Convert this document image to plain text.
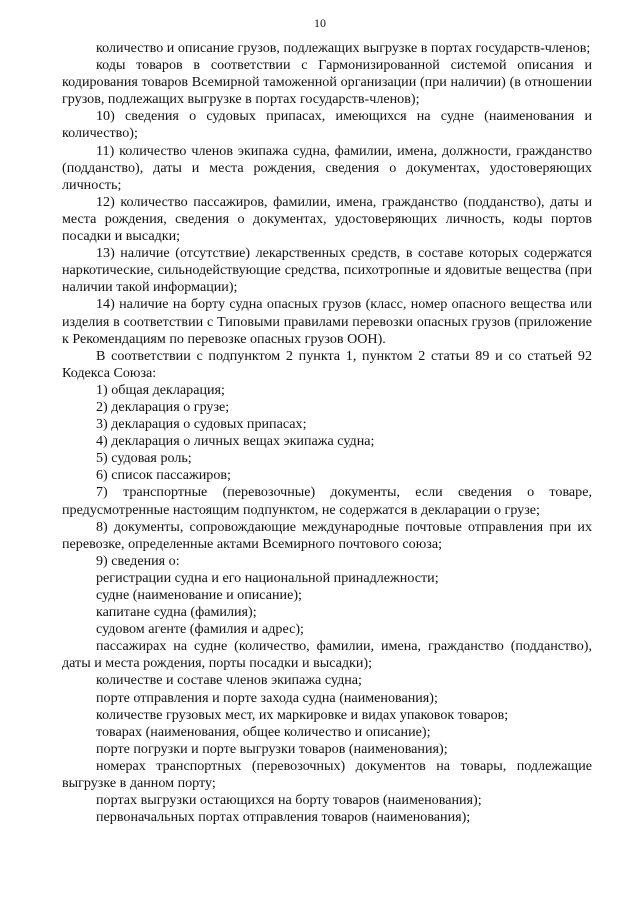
10

количество и описание грузов, подлежащих выгрузке в портах государств-членов;

коды товаров в соответствии с Гармонизированной системой описания и кодирования товаров Всемирной таможенной организации (при наличии) (в отношении грузов, подлежащих выгрузке в портах государств-членов);

10) сведения о судовых припасах, имеющихся на судне (наименования и количество);

11) количество членов экипажа судна, фамилии, имена, должности, гражданство (подданство), даты и места рождения, сведения о документах, удостоверяющих личность;

12) количество пассажиров, фамилии, имена, гражданство (подданство), даты и места рождения, сведения о документах, удостоверяющих личность, коды портов посадки и высадки;

13) наличие (отсутствие) лекарственных средств, в составе которых содержатся наркотические, сильнодействующие средства, психотропные и ядовитые вещества (при наличии такой информации);

14) наличие на борту судна опасных грузов (класс, номер опасного вещества или изделия в соответствии с Типовыми правилами перевозки опасных грузов (приложение к Рекомендациям по перевозке опасных грузов ООН).

В соответствии с подпунктом 2 пункта 1, пунктом 2 статьи 89 и со статьей 92 Кодекса Союза:

1) общая декларация;

2) декларация о грузе;

3) декларация о судовых припасах;

4) декларация о личных вещах экипажа судна;

5) судовая роль;

6) список пассажиров;

7) транспортные (перевозочные) документы, если сведения о товаре, предусмотренные настоящим подпунктом, не содержатся в декларации о грузе;

8) документы, сопровождающие международные почтовые отправления при их перевозке, определенные актами Всемирного почтового союза;

9) сведения о:

регистрации судна и его национальной принадлежности;

судне (наименование и описание);

капитане судна (фамилия);

судовом агенте (фамилия и адрес);

пассажирах на судне (количество, фамилии, имена, гражданство (подданство), даты и места рождения, порты посадки и высадки);

количестве и составе членов экипажа судна;

порте отправления и порте захода судна (наименования);

количестве грузовых мест, их маркировке и видах упаковок товаров;

товарах (наименования, общее количество и описание);

порте погрузки и порте выгрузки товаров (наименования);

номерах транспортных (перевозочных) документов на товары, подлежащие выгрузке в данном порту;

портах выгрузки остающихся на борту товаров (наименования);

первоначальных портах отправления товаров (наименования);
